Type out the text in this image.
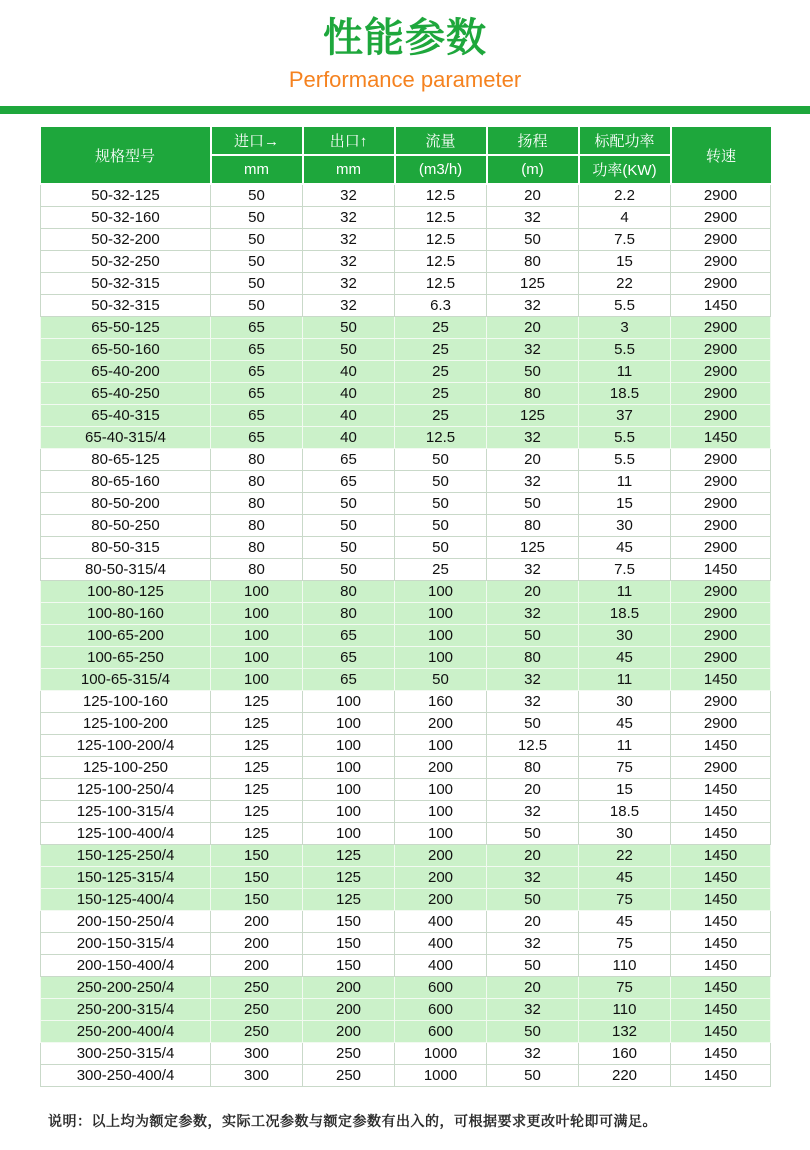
性能参数
Performance parameter
规格型号	进口→	出口↑	流量	扬程	标配功率	转速
	mm	mm	(m3/h)	(m)	功率(KW)	
50-32-125	50	32	12.5	20	2.2	2900
50-32-160	50	32	12.5	32	4	2900
50-32-200	50	32	12.5	50	7.5	2900
50-32-250	50	32	12.5	80	15	2900
50-32-315	50	32	12.5	125	22	2900
50-32-315	50	32	6.3	32	5.5	1450
65-50-125	65	50	25	20	3	2900
65-50-160	65	50	25	32	5.5	2900
65-40-200	65	40	25	50	11	2900
65-40-250	65	40	25	80	18.5	2900
65-40-315	65	40	25	125	37	2900
65-40-315/4	65	40	12.5	32	5.5	1450
80-65-125	80	65	50	20	5.5	2900
80-65-160	80	65	50	32	11	2900
80-50-200	80	50	50	50	15	2900
80-50-250	80	50	50	80	30	2900
80-50-315	80	50	50	125	45	2900
80-50-315/4	80	50	25	32	7.5	1450
100-80-125	100	80	100	20	11	2900
100-80-160	100	80	100	32	18.5	2900
100-65-200	100	65	100	50	30	2900
100-65-250	100	65	100	80	45	2900
100-65-315/4	100	65	50	32	11	1450
125-100-160	125	100	160	32	30	2900
125-100-200	125	100	200	50	45	2900
125-100-200/4	125	100	100	12.5	11	1450
125-100-250	125	100	200	80	75	2900
125-100-250/4	125	100	100	20	15	1450
125-100-315/4	125	100	100	32	18.5	1450
125-100-400/4	125	100	100	50	30	1450
150-125-250/4	150	125	200	20	22	1450
150-125-315/4	150	125	200	32	45	1450
150-125-400/4	150	125	200	50	75	1450
200-150-250/4	200	150	400	20	45	1450
200-150-315/4	200	150	400	32	75	1450
200-150-400/4	200	150	400	50	110	1450
250-200-250/4	250	200	600	20	75	1450
250-200-315/4	250	200	600	32	110	1450
250-200-400/4	250	200	600	50	132	1450
300-250-315/4	300	250	1000	32	160	1450
300-250-400/4	300	250	1000	50	220	1450
说明：以上均为额定参数，实际工况参数与额定参数有出入的，可根据要求更改叶轮即可满足。
